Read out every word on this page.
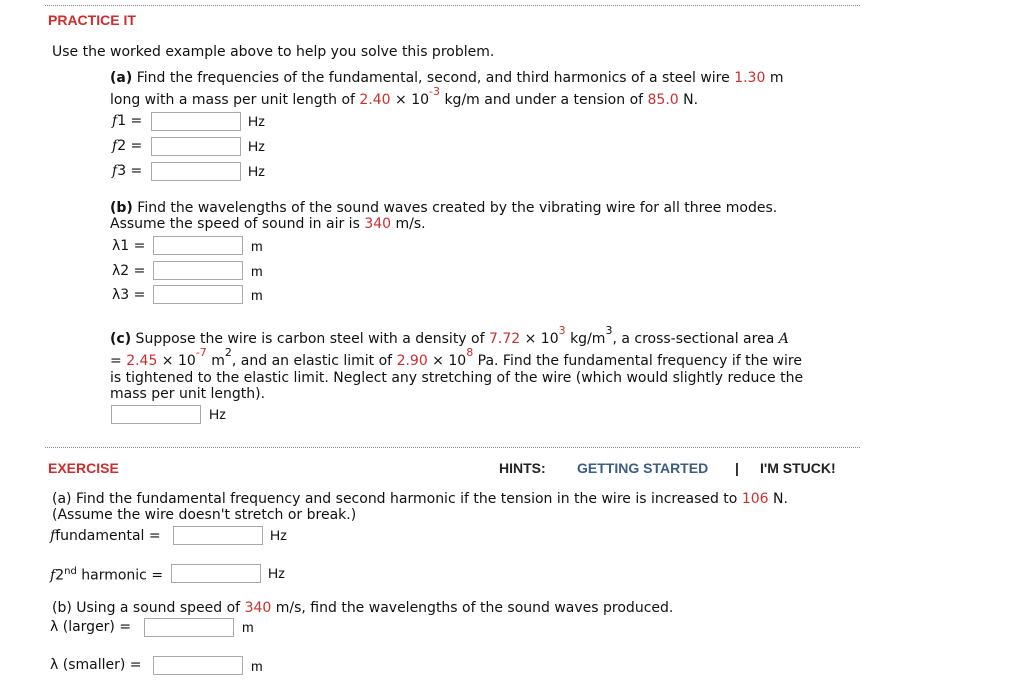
PRACTICE IT
Use the worked example above to help you solve this problem.
(a) Find the frequencies of the fundamental, second, and third harmonics of a steel wire 1.30 m
long with a mass per unit length of $2.40 \times 10^{-3}$ kg/m and under a tension of 85.0 N.
f1 =	Hz
f2 =	Hz
f3 =	Hz
(b) Find the wavelengths of the sound waves created by the vibrating wire for all three modes.
Assume the speed of sound in air is 340 m/s.
λ1 =	m
λ2 =	m
λ3 =	m
(c) Suppose the wire is carbon steel with a density of $7.72 \times 10^3$ $kg/m^3$, a cross-sectional area A
= $2.45 \times 10^{-7}$ $m^2$, and an elastic limit of $2.90 \times 10^8$ Pa. Find the fundamental frequency if the wire
is tightened to the elastic limit. Neglect any stretching of the wire (which would slightly reduce the
mass per unit length).
Hz
EXERCISE	HINTS: GETTING STARTED | I'M STUCK!
(a) Find the fundamental frequency and second harmonic if the tension in the wire is increased to 106 N.
(Assume the wire doesn't stretch or break.)
ffundamental =	Hz
f2nd harmonic =	Hz
(b) Using a sound speed of 340 m/s, find the wavelengths of the sound waves produced.
λ (larger) =	m
λ (smaller) =	m
